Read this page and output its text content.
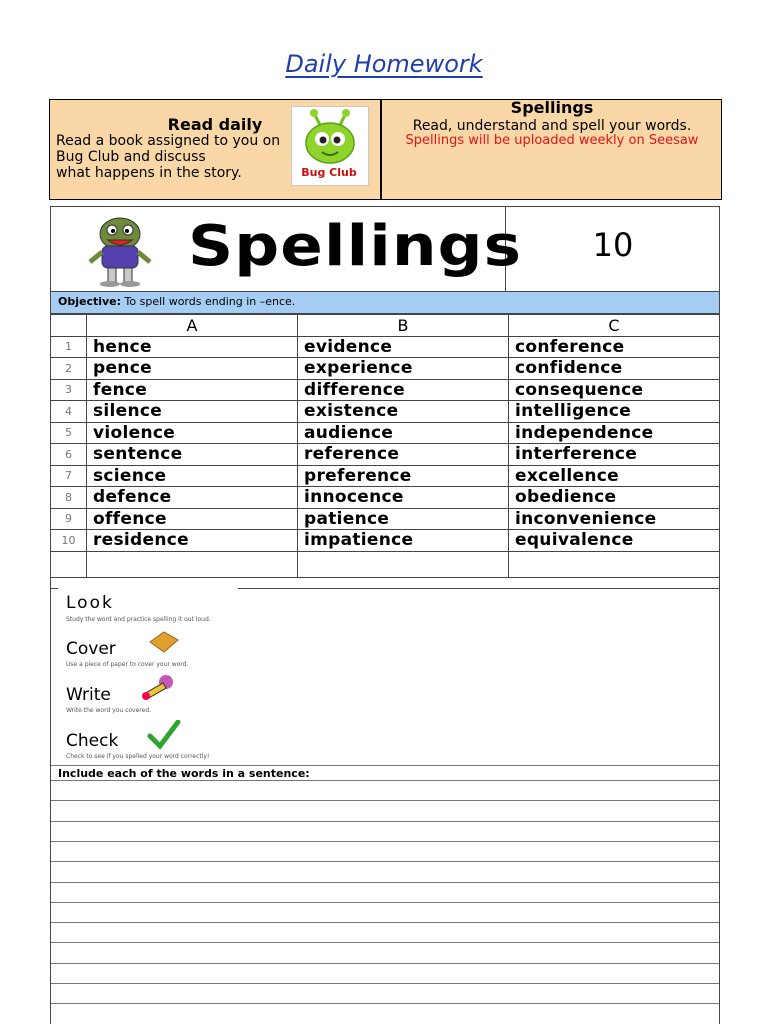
Daily Homework
Read daily
Read a book assigned to you on
Bug Club and discuss
what happens in the story.	Bug Club
Spellings
Read, understand and spell your words.
Spellings will be uploaded weekly on Seesaw
Spellings	10
Objective: To spell words ending in –ence.
	A	B	C
1	hence	evidence	conference
2	pence	experience	confidence
3	fence	difference	consequence
4	silence	existence	intelligence
5	violence	audience	independence
6	sentence	reference	interference
7	science	preference	excellence
8	defence	innocence	obedience
9	offence	patience	inconvenience
10	residence	impatience	equivalence

Look
Study the word and practice spelling it out loud.
Cover
Use a piece of paper to cover your word.
Write
Write the word you covered.
Check
Check to see if you spelled your word correctly!
Include each of the words in a sentence:
